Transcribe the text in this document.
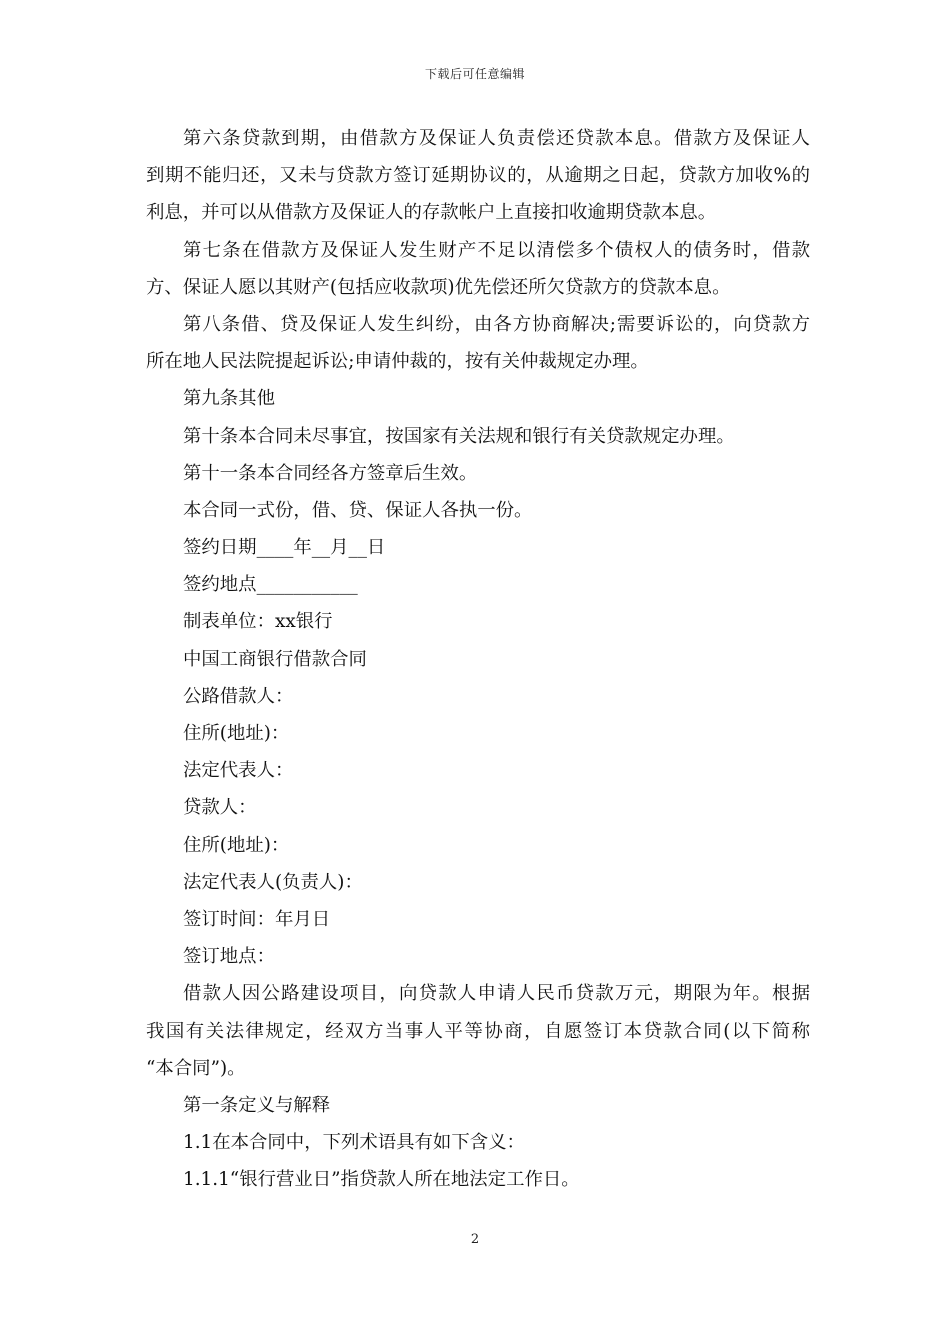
下载后可任意编辑
第六条贷款到期，由借款方及保证人负责偿还贷款本息。借款方及保证人
到期不能归还，又未与贷款方签订延期协议的，从逾期之日起，贷款方加收%的
利息，并可以从借款方及保证人的存款帐户上直接扣收逾期贷款本息。
第七条在借款方及保证人发生财产不足以清偿多个债权人的债务时，借款
方、保证人愿以其财产(包括应收款项)优先偿还所欠贷款方的贷款本息。
第八条借、贷及保证人发生纠纷，由各方协商解决;需要诉讼的，向贷款方
所在地人民法院提起诉讼;申请仲裁的，按有关仲裁规定办理。
第九条其他
第十条本合同未尽事宜，按国家有关法规和银行有关贷款规定办理。
第十一条本合同经各方签章后生效。
本合同一式份，借、贷、保证人各执一份。
签约日期____年__月__日
签约地点___________
制表单位：xx银行
中国工商银行借款合同
公路借款人：
住所(地址)：
法定代表人：
贷款人：
住所(地址)：
法定代表人(负责人)：
签订时间：年月日
签订地点：
借款人因公路建设项目，向贷款人申请人民币贷款万元，期限为年。根据
我国有关法律规定，经双方当事人平等协商，自愿签订本贷款合同(以下简称
“本合同”)。
第一条定义与解释
1.1在本合同中，下列术语具有如下含义：
1.1.1“银行营业日”指贷款人所在地法定工作日。
2
